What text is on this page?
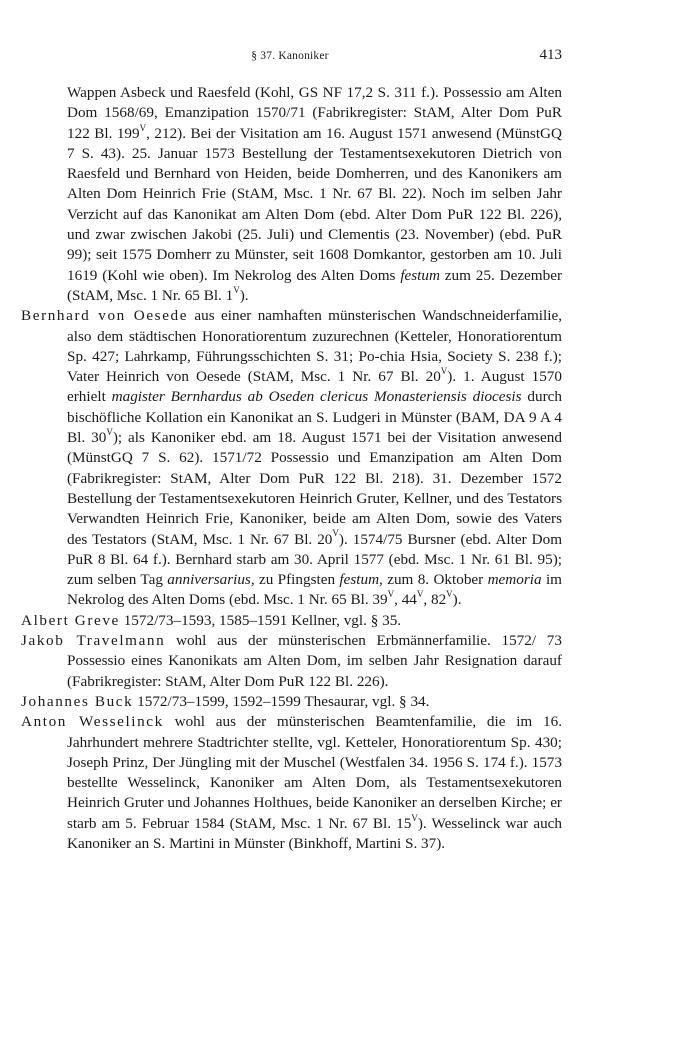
§ 37. Kanoniker	413

Wappen Asbeck und Raesfeld (Kohl, GS NF 17,2 S. 311 f.). Possessio am Alten Dom 1568/69, Emanzipation 1570/71 (Fabrikregister: StAM, Alter Dom PuR 122 Bl. $199^V$, 212). Bei der Visitation am 16. August 1571 anwesend (MünstGQ 7 S. 43). 25. Januar 1573 Bestellung der Testamentsexekutoren Dietrich von Raesfeld und Bernhard von Heiden, beide Domherren, und des Kanonikers am Alten Dom Heinrich Frie (StAM, Msc. 1 Nr. 67 Bl. 22). Noch im selben Jahr Verzicht auf das Kanonikat am Alten Dom (ebd. Alter Dom PuR 122 Bl. 226), und zwar zwischen Jakobi (25. Juli) und Clementis (23. November) (ebd. PuR 99); seit 1575 Domherr zu Münster, seit 1608 Domkantor, gestorben am 10. Juli 1619 (Kohl wie oben). Im Nekrolog des Alten Doms festum zum 25. Dezember (StAM, Msc. 1 Nr. 65 Bl. $1^V$).

Bernhard von Oesede aus einer namhaften münsterischen Wandschneiderfamilie, also dem städtischen Honoratiorentum zuzurechnen (Ketteler, Honoratiorentum Sp. 427; Lahrkamp, Führungsschichten S. 31; Po-chia Hsia, Society S. 238 f.); Vater Heinrich von Oesede (StAM, Msc. 1 Nr. 67 Bl. $20^V$). 1. August 1570 erhielt magister Bernhardus ab Oseden clericus Monasteriensis diocesis durch bischöfliche Kollation ein Kanonikat an S. Ludgeri in Münster (BAM, DA 9 A 4 Bl. $30^V$); als Kanoniker ebd. am 18. August 1571 bei der Visitation anwesend (MünstGQ 7 S. 62). 1571/72 Possessio und Emanzipation am Alten Dom (Fabrikregister: StAM, Alter Dom PuR 122 Bl. 218). 31. Dezember 1572 Bestellung der Testamentsexekutoren Heinrich Gruter, Kellner, und des Testators Verwandten Heinrich Frie, Kanoniker, beide am Alten Dom, sowie des Vaters des Testators (StAM, Msc. 1 Nr. 67 Bl. $20^V$). 1574/75 Bursner (ebd. Alter Dom PuR 8 Bl. 64 f.). Bernhard starb am 30. April 1577 (ebd. Msc. 1 Nr. 61 Bl. 95); zum selben Tag anniversarius, zu Pfingsten festum, zum 8. Oktober memoria im Nekrolog des Alten Doms (ebd. Msc. 1 Nr. 65 Bl. $39^V$, $44^V$, $82^V$).

Albert Greve 1572/73–1593, 1585–1591 Kellner, vgl. § 35.

Jakob Travelmann wohl aus der münsterischen Erbmännerfamilie. 1572/ 73 Possessio eines Kanonikats am Alten Dom, im selben Jahr Resignation darauf (Fabrikregister: StAM, Alter Dom PuR 122 Bl. 226).

Johannes Buck 1572/73–1599, 1592–1599 Thesaurar, vgl. § 34.

Anton Wesselinck wohl aus der münsterischen Beamtenfamilie, die im 16. Jahrhundert mehrere Stadtrichter stellte, vgl. Ketteler, Honoratiorentum Sp. 430; Joseph Prinz, Der Jüngling mit der Muschel (Westfalen 34. 1956 S. 174 f.). 1573 bestellte Wesselinck, Kanoniker am Alten Dom, als Testamentsexekutoren Heinrich Gruter und Johannes Holthues, beide Kanoniker an derselben Kirche; er starb am 5. Februar 1584 (StAM, Msc. 1 Nr. 67 Bl. $15^V$). Wesselinck war auch Kanoniker an S. Martini in Münster (Binkhoff, Martini S. 37).
